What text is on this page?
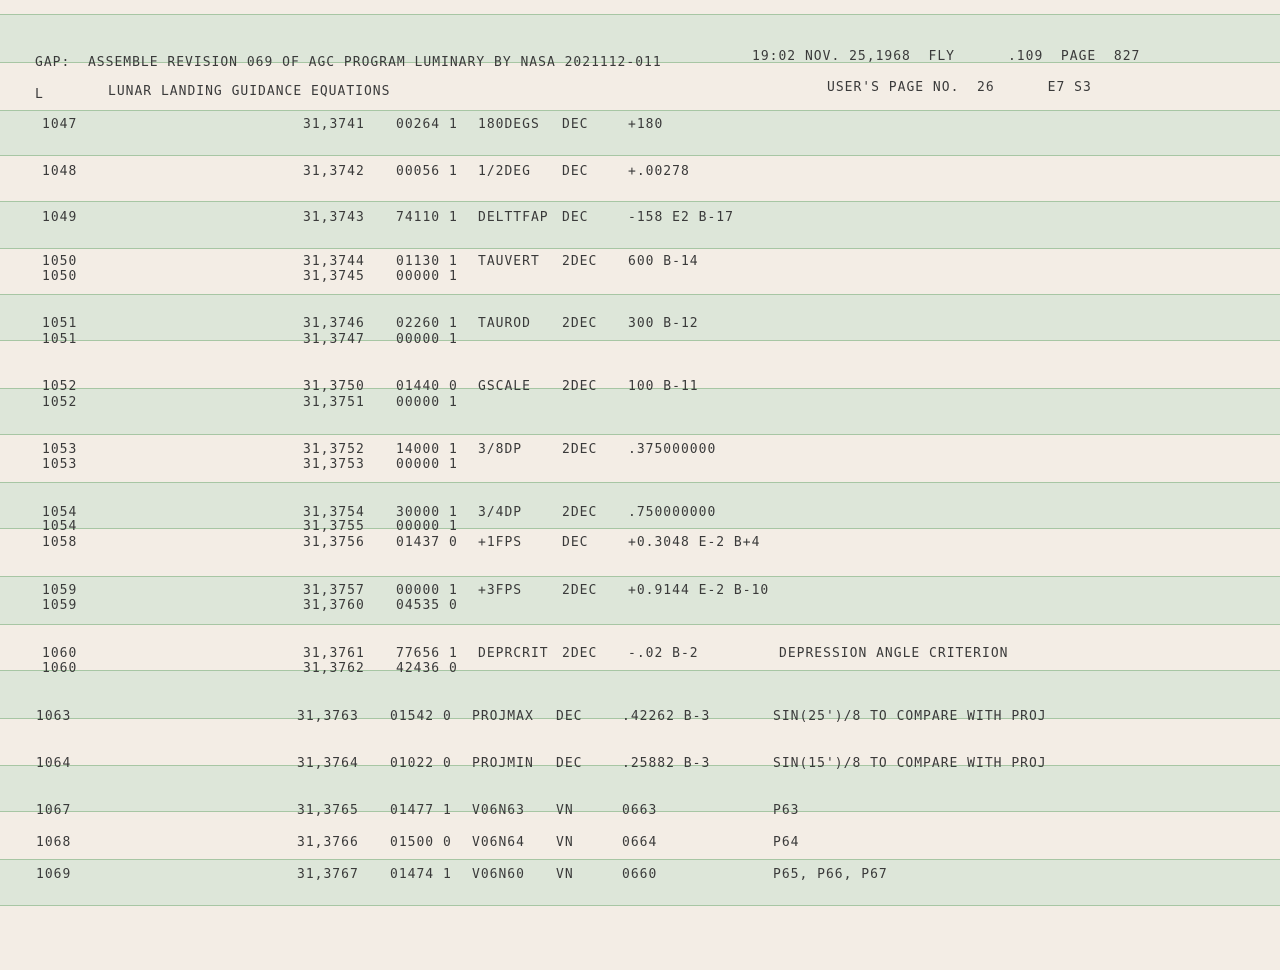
GAP:  ASSEMBLE REVISION 069 OF AGC PROGRAM LUMINARY BY NASA 2021112-011	19:02 NOV. 25,1968  FLY      .109  PAGE  827
L	LUNAR LANDING GUIDANCE EQUATIONS	USER'S PAGE NO.  26      E7 S3
1047	31,3741 00264 1 180DEGS DEC	+180
1048	31,3742 00056 1 1/2DEG DEC	+.00278
1049	31,3743 74110 1 DELTTFAP DEC	-158 E2 B-17
1050	31,3744 01130 1 TAUVERT 2DEC 600 B-14
1050	31,3745 00000 1
1051	31,3746 02260 1 TAUROD 2DEC 300 B-12
1051	31,3747 00000 1
1052	31,3750 01440 0 GSCALE 2DEC 100 B-11
1052	31,3751 00000 1
1053	31,3752 14000 1 3/8DP	2DEC .375000000
1053	31,3753 00000 1
1054	31,3754 30000 1 3/4DP	2DEC .750000000
1054	31,3755 00000 1
1058	31,3756 01437 0 +1FPS	DEC	+0.3048 E-2 B+4
1059	31,3757 00000 1 +3FPS	2DEC +0.9144 E-2 B-10
1059	31,3760 04535 0
1060	31,3761 77656 1 DEPRCRIT 2DEC -.02 B-2	DEPRESSION ANGLE CRITERION
1060	31,3762 42436 0
1063	31,3763 01542 0 PROJMAX DEC	.42262 B-3	SIN(25')/8 TO COMPARE WITH PROJ
1064	31,3764 01022 0 PROJMIN DEC	.25882 B-3	SIN(15')/8 TO COMPARE WITH PROJ
1067	31,3765 01477 1 V06N63 VN	0663	P63
1068	31,3766 01500 0 V06N64 VN	0664	P64
1069	31,3767 01474 1 V06N60 VN	0660	P65, P66, P67
